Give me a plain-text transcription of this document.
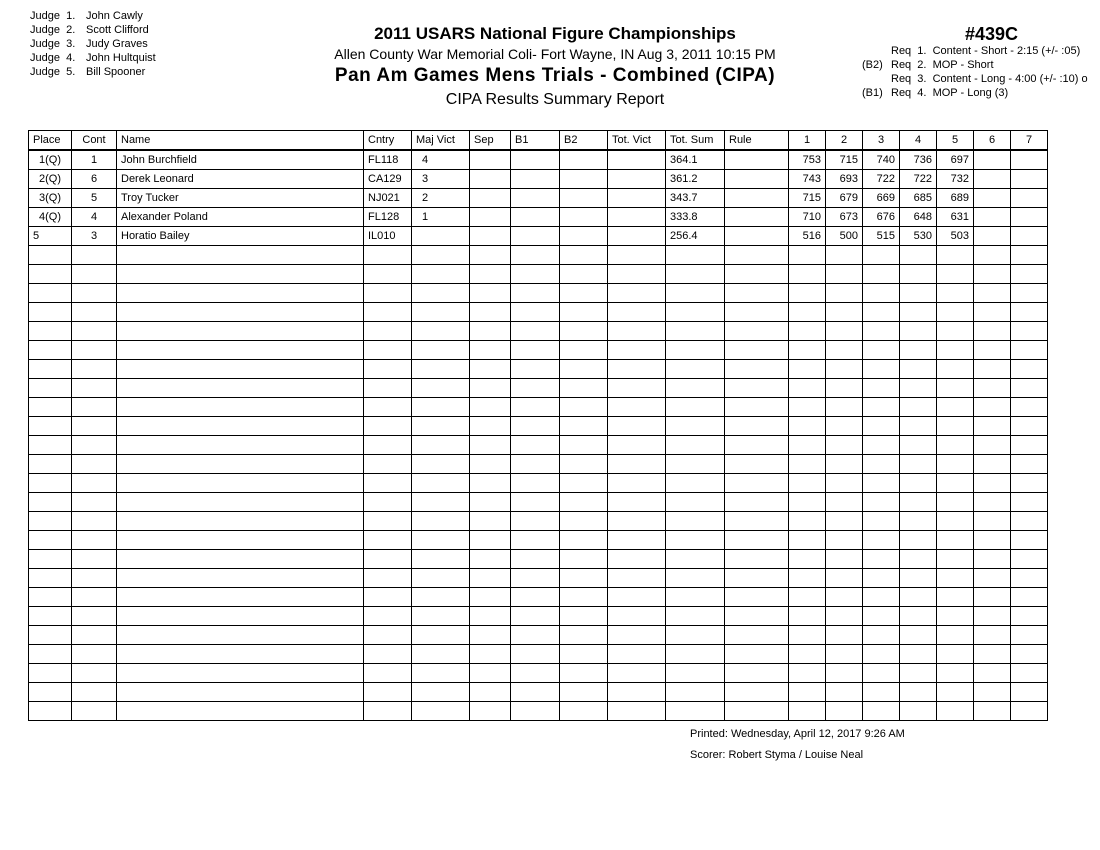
Judge  1. John Cawly
Judge  2. Scott Clifford
Judge  3. Judy Graves
Judge  4. John Hultquist
Judge  5. Bill Spooner
2011 USARS National Figure Championships
Allen County War Memorial Coli- Fort Wayne, IN Aug 3, 2011 10:15 PM
Pan Am Games Mens Trials - Combined (CIPA)
CIPA Results Summary Report
#439C
Req  1.  Content - Short - 2:15 (+/- :05)
(B2) Req  2.  MOP - Short
Req  3.  Content - Long - 4:00 (+/- :10) o
(B1) Req  4.  MOP - Long (3)
Place	Cont	Name	Cntry	Maj Vict	Sep	B1	B2	Tot. Vict	Tot. Sum	Rule	1	2	3	4	5	6	7
1(Q)	1	John Burchfield	FL118	4					364.1		753	715	740	736	697		
2(Q)	6	Derek Leonard	CA129	3					361.2		743	693	722	722	732		
3(Q)	5	Troy Tucker	NJ021	2					343.7		715	679	669	685	689		
4(Q)	4	Alexander Poland	FL128	1					333.8		710	673	676	648	631		
5	3	Horatio Bailey	IL010						256.4		516	500	515	530	503		

Printed: Wednesday, April 12, 2017 9:26 AM
Scorer: Robert Styma / Louise Neal
